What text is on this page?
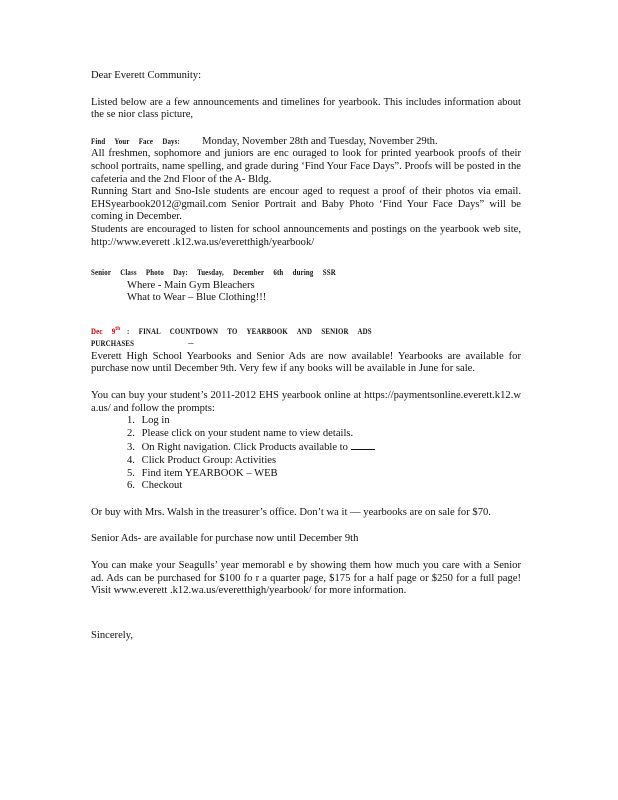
Dear Everett Community:

Listed below are a few announcements and timelines for yearbook. This includes information about the se nior class picture,

Find Your Face Days: Monday, November 28th and Tuesday, November 29th.

All freshmen, sophomore and juniors are enc ouraged to look for printed yearbook proofs of their school portraits, name spelling, and grade during ‘Find Your Face Days”. Proofs will be posted in the cafeteria and the 2nd Floor of the A- Bldg.

Running Start and Sno-Isle students are encour aged to request a proof of their photos via email. EHSyearbook2012@gmail.com Senior Portrait and Baby Photo ‘Find Your Face Days” will be coming in December.

Students are encouraged to listen for school announcements and postings on the yearbook web site, http://www.everett .k12.wa.us/everetthigh/yearbook/

Senior Class Photo Day: Tuesday, December 6th during SSR

Where - Main Gym Bleachers

What to Wear – Blue Clothing!!!

Dec 9th : FINAL COUNTDOWN TO YEARBOOK AND SENIOR ADS

PURCHASES	–

Everett High School Yearbooks and Senior Ads are now available! Yearbooks are available for purchase now until December 9th. Very few if any books will be available in June for sale.

You can buy your student’s 2011-2012 EHS yearbook online at https://paymentsonline.everett.k12.w a.us/ and follow the prompts:

1. Log in
2. Please click on your student name to view details.
3. On Right navigation. Click Products available to
4. Click Product Group: Activities
5. Find item YEARBOOK – WEB
6. Checkout

Or buy with Mrs. Walsh in the treasurer’s office. Don’t wa it — yearbooks are on sale for $70.

Senior Ads- are available for purchase now until December 9th

You can make your Seagulls’ year memorabl e by showing them how much you care with a Senior ad. Ads can be purchased for $100 fo r a quarter page, $175 for a half page or $250 for a full page! Visit www.everett .k12.wa.us/everetthigh/yearbook/ for more information.

Sincerely,
